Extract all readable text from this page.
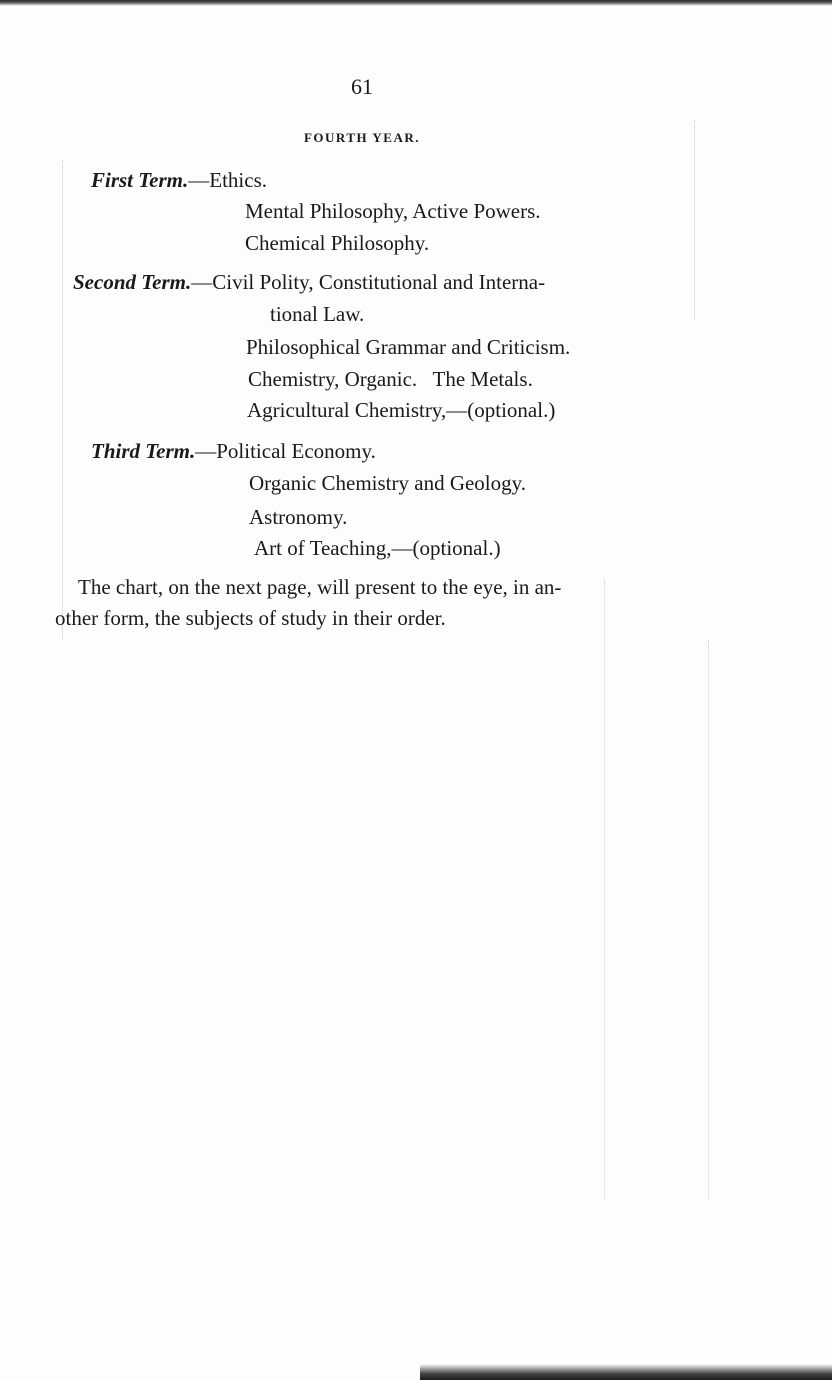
61
FOURTH YEAR.
First Term.—Ethics.
Mental Philosophy, Active Powers.
Chemical Philosophy.
Second Term.—Civil Polity, Constitutional and Interna-
tional Law.
Philosophical Grammar and Criticism.
Chemistry, Organic.   The Metals.
Agricultural Chemistry,—(optional.)
Third Term.—Political Economy.
Organic Chemistry and Geology.
Astronomy.
Art of Teaching,—(optional.)
The chart, on the next page, will present to the eye, in an-
other form, the subjects of study in their order.
